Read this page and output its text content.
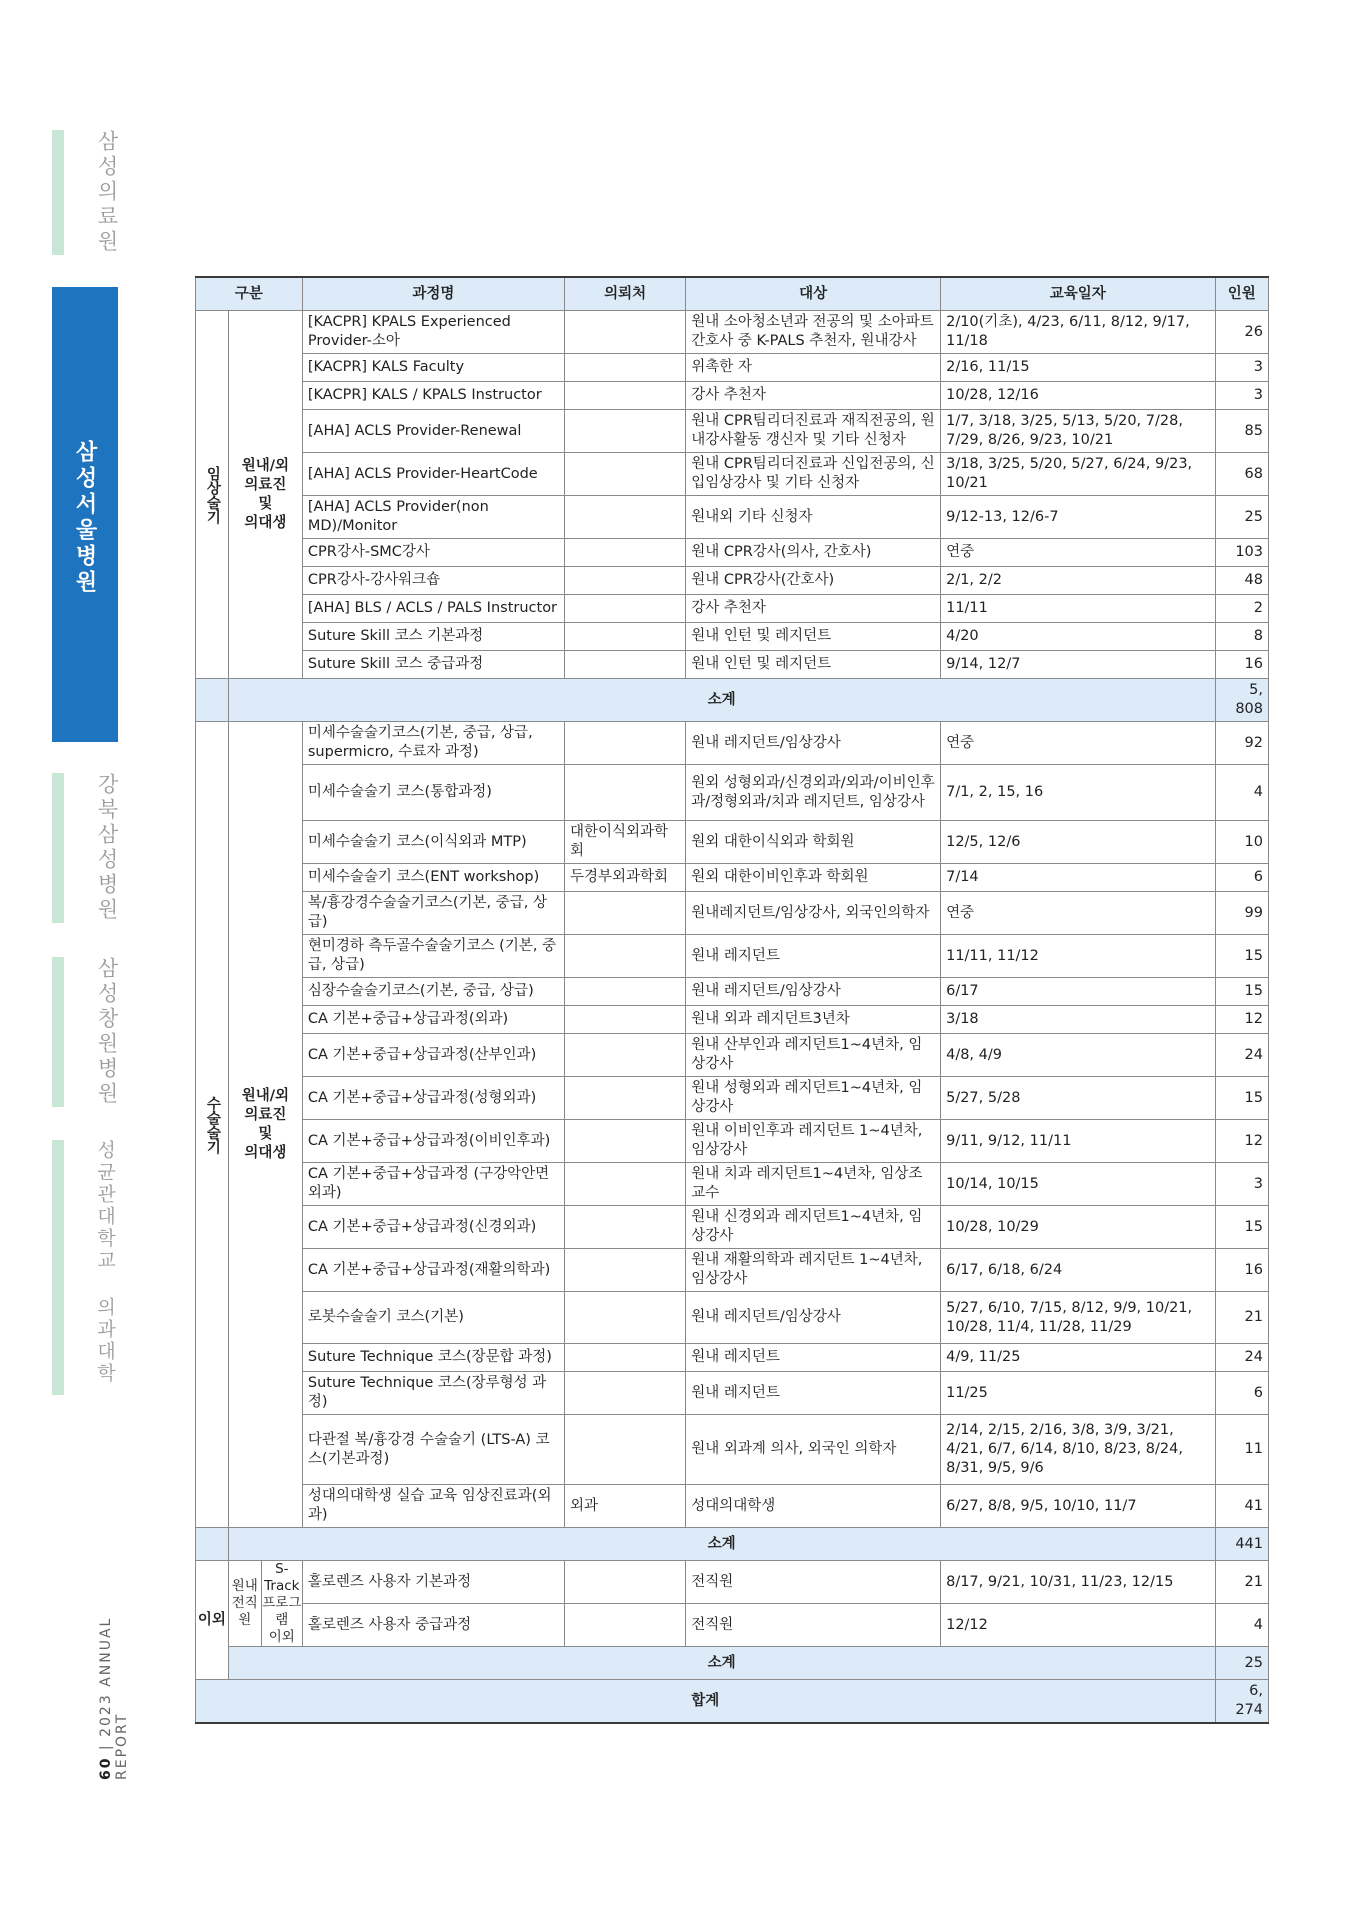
삼성의료원
삼성서울병원
강북삼성병원
삼성창원병원
성균관대학교 의과대학
60 | 2023 ANNUAL REPORT
구분			과정명	의뢰처	대상	교육일자	인원

임상술기	원내/외
의료진
및
의대생		[KACPR] KPALS Experienced Provider-소아		원내 소아청소년과 전공의 및 소아파트 간호사 중 K-PALS 추천자, 원내강사	2/10(기초), 4/23, 6/11, 8/12, 9/17, 11/18	26
			[KACPR] KALS Faculty		위촉한 자	2/16, 11/15	3
			[KACPR] KALS / KPALS Instructor		강사 추천자	10/28, 12/16	3
			[AHA] ACLS Provider-Renewal		원내 CPR팀리더진료과 재직전공의, 원내강사활동 갱신자 및 기타 신청자	1/7, 3/18, 3/25, 5/13, 5/20, 7/28, 7/29, 8/26, 9/23, 10/21	85
			[AHA] ACLS Provider-HeartCode		원내 CPR팀리더진료과 신입전공의, 신입임상강사 및 기타 신청자	3/18, 3/25, 5/20, 5/27, 6/24, 9/23, 10/21	68
			[AHA] ACLS Provider(non MD)/Monitor		원내외 기타 신청자	9/12-13, 12/6-7	25
			CPR강사-SMC강사		원내 CPR강사(의사, 간호사)	연중	103
			CPR강사-강사워크숍		원내 CPR강사(간호사)	2/1, 2/2	48
			[AHA] BLS / ACLS / PALS Instructor		강사 추천자	11/11	2
			Suture Skill 코스 기본과정		원내 인턴 및 레지던트	4/20	8
			Suture Skill 코스 중급과정		원내 인턴 및 레지던트	9/14, 12/7	16
	소계						5, 808

수술술기	원내/외
의료진
및
의대생		미세수술술기코스(기본, 중급, 상급, supermicro, 수료자 과정)		원내 레지던트/임상강사	연중	92
			미세수술술기 코스(통합과정)		원외 성형외과/신경외과/외과/이비인후과/정형외과/치과 레지던트, 임상강사	7/1, 2, 15, 16	4
			미세수술술기 코스(이식외과 MTP)	대한이식외과학회	원외 대한이식외과 학회원	12/5, 12/6	10
			미세수술술기 코스(ENT workshop)	두경부외과학회	원외 대한이비인후과 학회원	7/14	6
			복/흉강경수술술기코스(기본, 중급, 상급)		원내레지던트/임상강사, 외국인의학자	연중	99
			현미경하 측두골수술술기코스 (기본, 중급, 상급)		원내 레지던트	11/11, 11/12	15
			심장수술술기코스(기본, 중급, 상급)		원내 레지던트/임상강사	6/17	15
			CA 기본+중급+상급과정(외과)		원내 외과 레지던트3년차	3/18	12
			CA 기본+중급+상급과정(산부인과)		원내 산부인과 레지던트1~4년차, 임상강사	4/8, 4/9	24
			CA 기본+중급+상급과정(성형외과)		원내 성형외과 레지던트1~4년차, 임상강사	5/27, 5/28	15
			CA 기본+중급+상급과정(이비인후과)		원내 이비인후과 레지던트 1~4년차, 임상강사	9/11, 9/12, 11/11	12
			CA 기본+중급+상급과정 (구강악안면외과)		원내 치과 레지던트1~4년차, 임상조교수	10/14, 10/15	3
			CA 기본+중급+상급과정(신경외과)		원내 신경외과 레지던트1~4년차, 임상강사	10/28, 10/29	15
			CA 기본+중급+상급과정(재활의학과)		원내 재활의학과 레지던트 1~4년차, 임상강사	6/17, 6/18, 6/24	16
			로봇수술술기 코스(기본)		원내 레지던트/임상강사	5/27, 6/10, 7/15, 8/12, 9/9, 10/21, 10/28, 11/4, 11/28, 11/29	21
			Suture Technique 코스(장문합 과정)		원내 레지던트	4/9, 11/25	24
			Suture Technique 코스(장루형성 과정)		원내 레지던트	11/25	6
			다관절 복/흉강경 수술술기 (LTS-A) 코스(기본과정)		원내 외과계 의사, 외국인 의학자	2/14, 2/15, 2/16, 3/8, 3/9, 3/21, 4/21, 6/7, 6/14, 8/10, 8/23, 8/24, 8/31, 9/5, 9/6	11
			성대의대학생 실습 교육 임상진료과(외과)	외과	성대의대학생	6/27, 8/8, 9/5, 10/10, 11/7	41
	소계						441
이외	원내
전직
원	S-Track
프로그램
이외	홀로렌즈 사용자 기본과정		전직원	8/17, 9/21, 10/31, 11/23, 12/15	21
			홀로렌즈 사용자 중급과정		전직원	12/12	4
	소계						25
합계							6, 274
